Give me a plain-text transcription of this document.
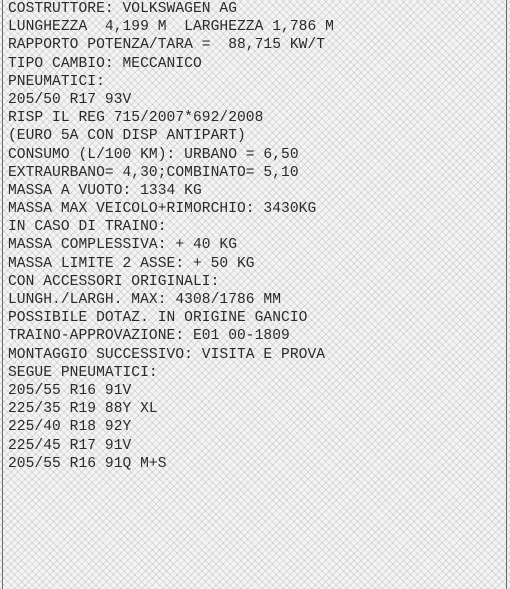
COSTRUTTORE: VOLKSWAGEN AG
LUNGHEZZA  4,199 M  LARGHEZZA 1,786 M
RAPPORTO POTENZA/TARA =  88,715 KW/T
TIPO CAMBIO: MECCANICO
PNEUMATICI:
205/50 R17 93V
RISP IL REG 715/2007*692/2008
(EURO 5A CON DISP ANTIPART)
CONSUMO (L/100 KM): URBANO = 6,50
EXTRAURBANO= 4,30;COMBINATO= 5,10
MASSA A VUOTO: 1334 KG
MASSA MAX VEICOLO+RIMORCHIO: 3430KG
IN CASO DI TRAINO:
MASSA COMPLESSIVA: + 40 KG
MASSA LIMITE 2 ASSE: + 50 KG
CON ACCESSORI ORIGINALI:
LUNGH./LARGH. MAX: 4308/1786 MM
POSSIBILE DOTAZ. IN ORIGINE GANCIO
TRAINO-APPROVAZIONE: E01 00-1809
MONTAGGIO SUCCESSIVO: VISITA E PROVA
SEGUE PNEUMATICI:
205/55 R16 91V
225/35 R19 88Y XL
225/40 R18 92Y
225/45 R17 91V
205/55 R16 91Q M+S
